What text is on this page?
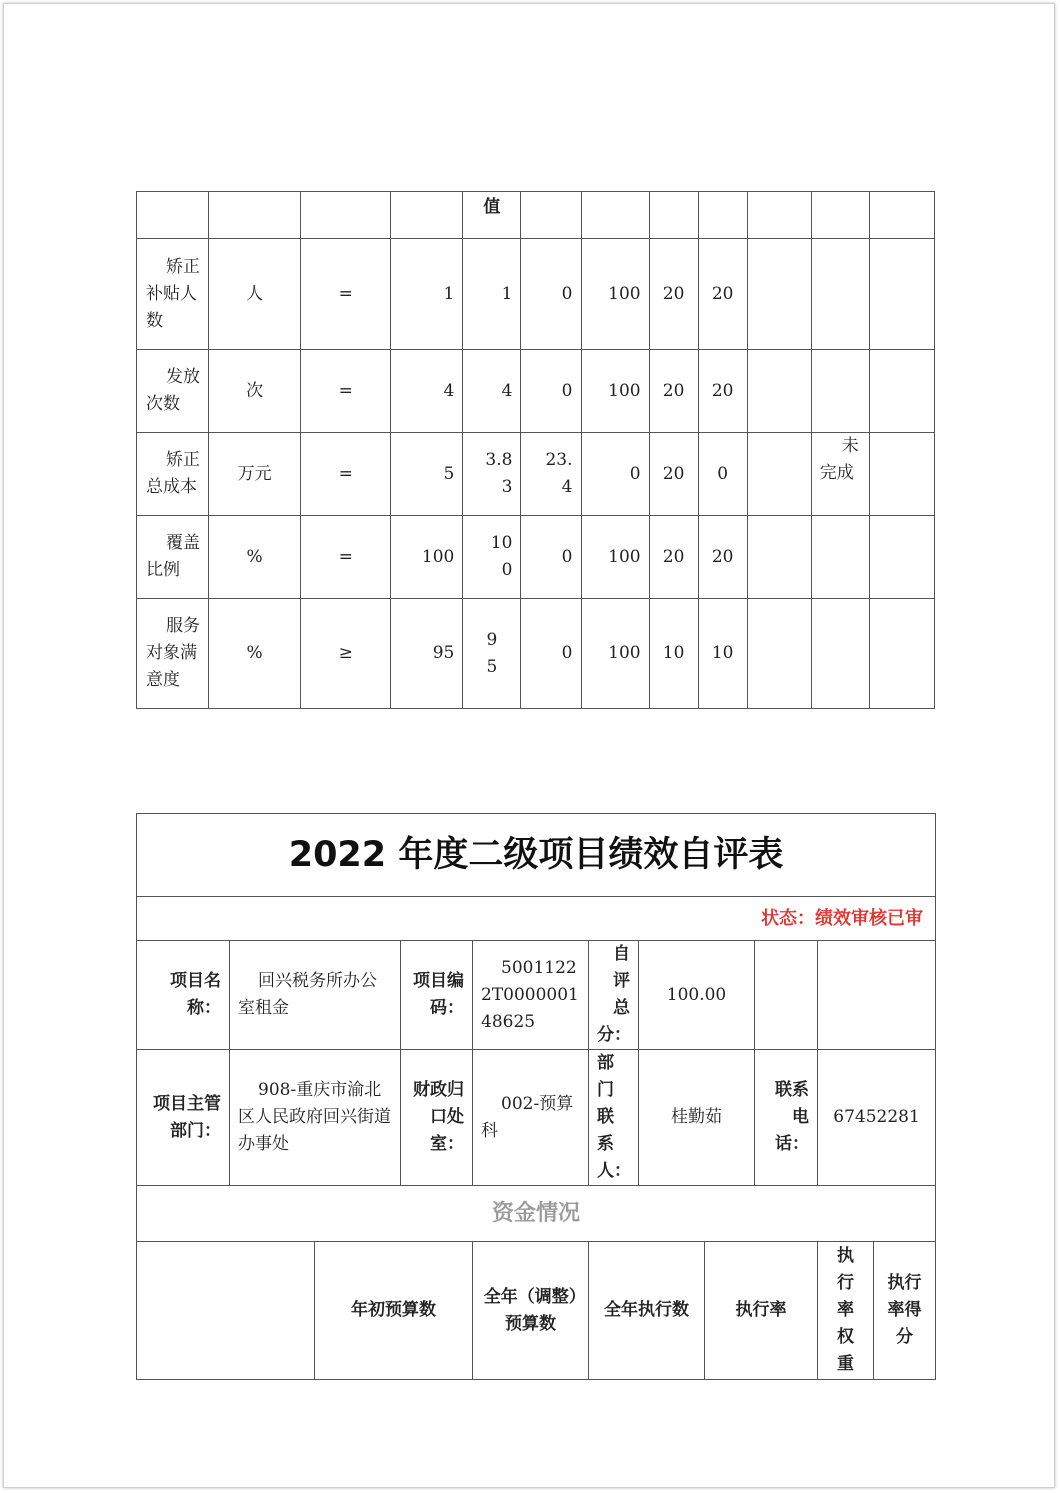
				值							
矫正补贴人数	人	=	1	1	0	100	20	20			
发放次数	次	=	4	4	0	100	20	20			
矫正总成本	万元	=	5	3.83	23.4	0	20	0		未完成	
覆盖比例	%	=	100	100	0	100	20	20			
服务对象满意度	%	≥	95	95	0	100	10	10			
2022 年度二级项目绩效自评表										
状态：绩效审核已审										
项目名称：	回兴税务所办公室租金		项目编码：	50011222T000000148625	自评总分：	100.00				
项目主管部门：	908-重庆市渝北区人民政府回兴街道办事处		财政归口处室：	002-预算科	部门联系人：	桂勤茹		联系电话：	67452281	
资金情况										
		年初预算数		全年（调整）预算数	全年执行数		执行率		执行率权重	执行率得分
